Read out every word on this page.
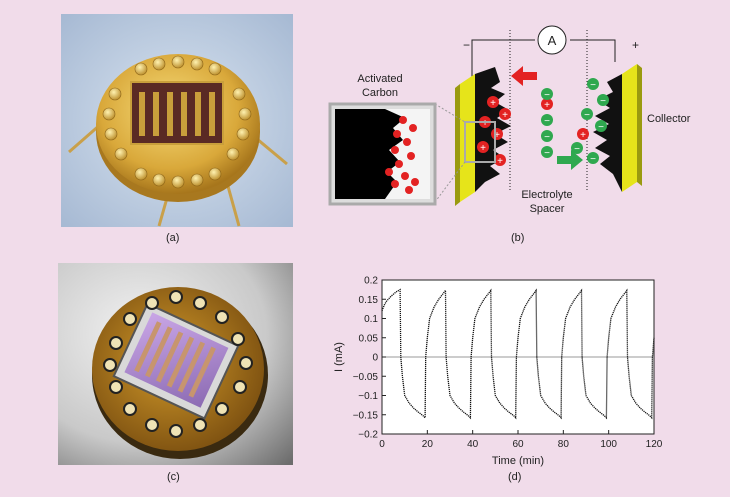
(a)
A
−	+
+
+
+
+
+
+
+
+
−
−
−
−
−
−
−
−
−
−
Activated
Carbon
Collector
Electrolyte
Spacer
(b)
(c)
0	20	40	60	80	100	120
0.2
0.15
0.1
0.05
0
−0.05
−0.1
−0.15
−0.2
Time (min)
I (mA)
(d)
